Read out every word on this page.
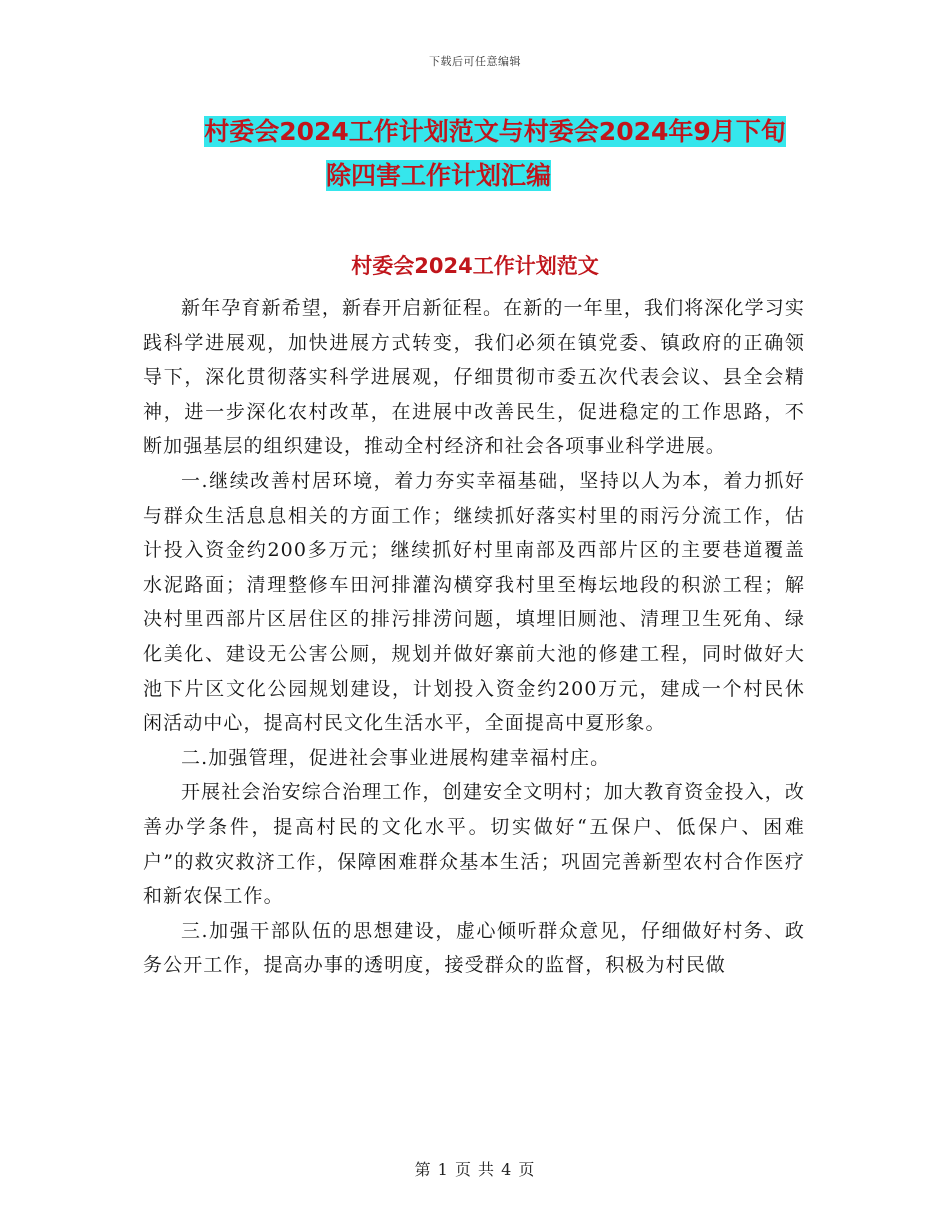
下载后可任意编辑
村委会2024工作计划范文与村委会2024年9月下旬
除四害工作计划汇编
村委会2024工作计划范文

新年孕育新希望，新春开启新征程。在新的一年里，我们将深化学习实践科学进展观，加快进展方式转变，我们必须在镇党委、镇政府的正确领导下，深化贯彻落实科学进展观，仔细贯彻市委五次代表会议、县全会精神，进一步深化农村改革，在进展中改善民生，促进稳定的工作思路，不断加强基层的组织建设，推动全村经济和社会各项事业科学进展。

一.继续改善村居环境，着力夯实幸福基础，坚持以人为本，着力抓好与群众生活息息相关的方面工作；继续抓好落实村里的雨污分流工作，估计投入资金约200多万元；继续抓好村里南部及西部片区的主要巷道覆盖水泥路面；清理整修车田河排灌沟横穿我村里至梅坛地段的积淤工程；解决村里西部片区居住区的排污排涝问题，填埋旧厕池、清理卫生死角、绿化美化、建设无公害公厕，规划并做好寨前大池的修建工程，同时做好大池下片区文化公园规划建设，计划投入资金约200万元，建成一个村民休闲活动中心，提高村民文化生活水平，全面提高中夏形象。

二.加强管理，促进社会事业进展构建幸福村庄。

开展社会治安综合治理工作，创建安全文明村；加大教育资金投入，改善办学条件，提高村民的文化水平。切实做好“五保户、低保户、困难户”的救灾救济工作，保障困难群众基本生活；巩固完善新型农村合作医疗和新农保工作。

三.加强干部队伍的思想建设，虚心倾听群众意见，仔细做好村务、政务公开工作，提高办事的透明度，接受群众的监督，积极为村民做

第 1 页 共 4 页
